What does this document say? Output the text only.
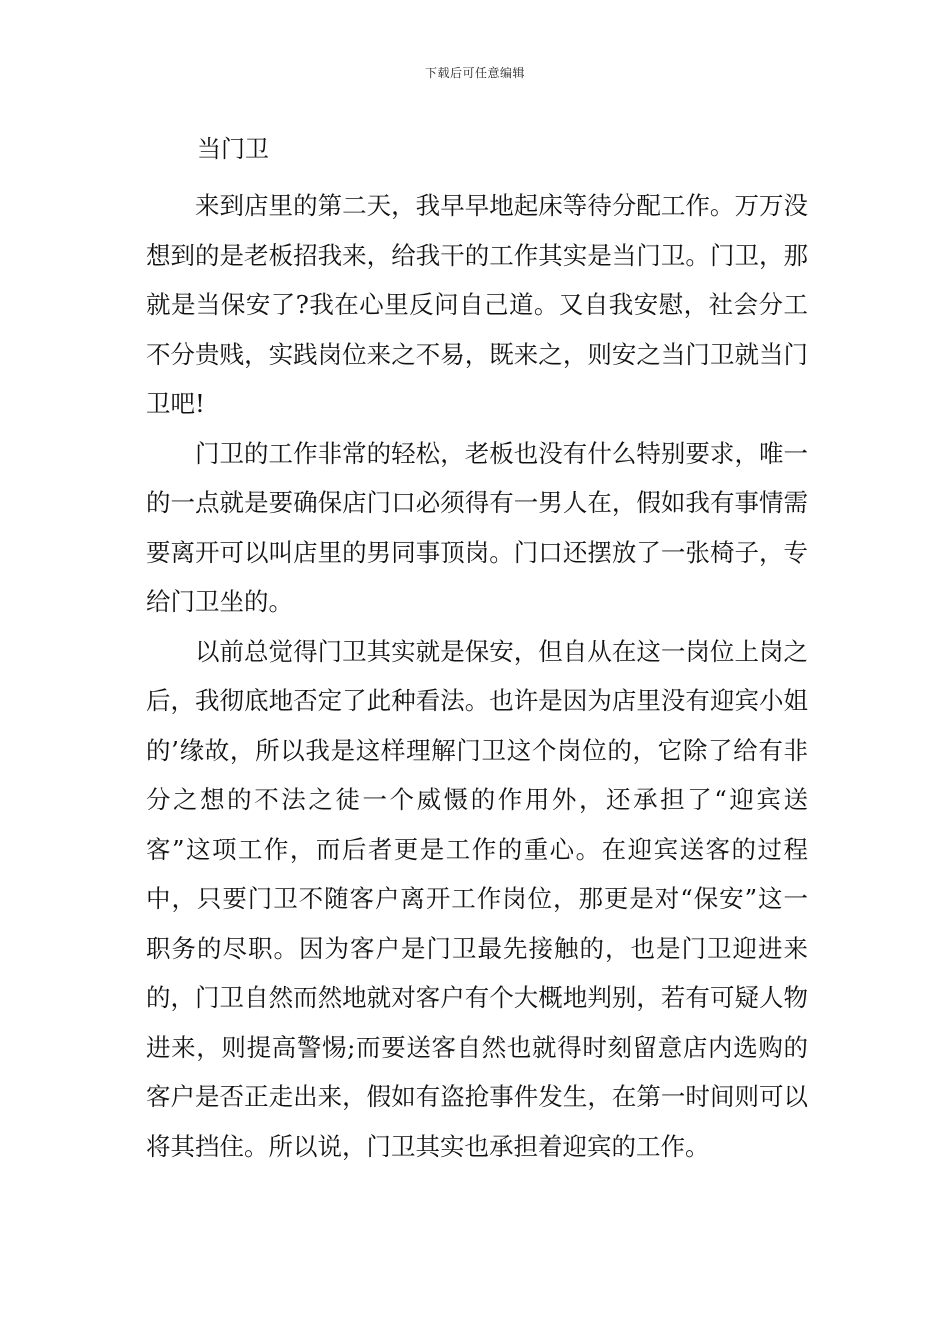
下载后可任意编辑
当门卫

来到店里的第二天，我早早地起床等待分配工作。万万没想到的是老板招我来，给我干的工作其实是当门卫。门卫，那就是当保安了?我在心里反问自己道。又自我安慰，社会分工不分贵贱，实践岗位来之不易，既来之，则安之当门卫就当门卫吧!

门卫的工作非常的轻松，老板也没有什么特别要求，唯一的一点就是要确保店门口必须得有一男人在，假如我有事情需要离开可以叫店里的男同事顶岗。门口还摆放了一张椅子，专给门卫坐的。

以前总觉得门卫其实就是保安，但自从在这一岗位上岗之后，我彻底地否定了此种看法。也许是因为店里没有迎宾小姐的’缘故，所以我是这样理解门卫这个岗位的，它除了给有非分之想的不法之徒一个威慑的作用外，还承担了“迎宾送客”这项工作，而后者更是工作的重心。在迎宾送客的过程中，只要门卫不随客户离开工作岗位，那更是对“保安”这一职务的尽职。因为客户是门卫最先接触的，也是门卫迎进来的，门卫自然而然地就对客户有个大概地判别，若有可疑人物进来，则提高警惕;而要送客自然也就得时刻留意店内选购的客户是否正走出来，假如有盗抢事件发生，在第一时间则可以将其挡住。所以说，门卫其实也承担着迎宾的工作。
